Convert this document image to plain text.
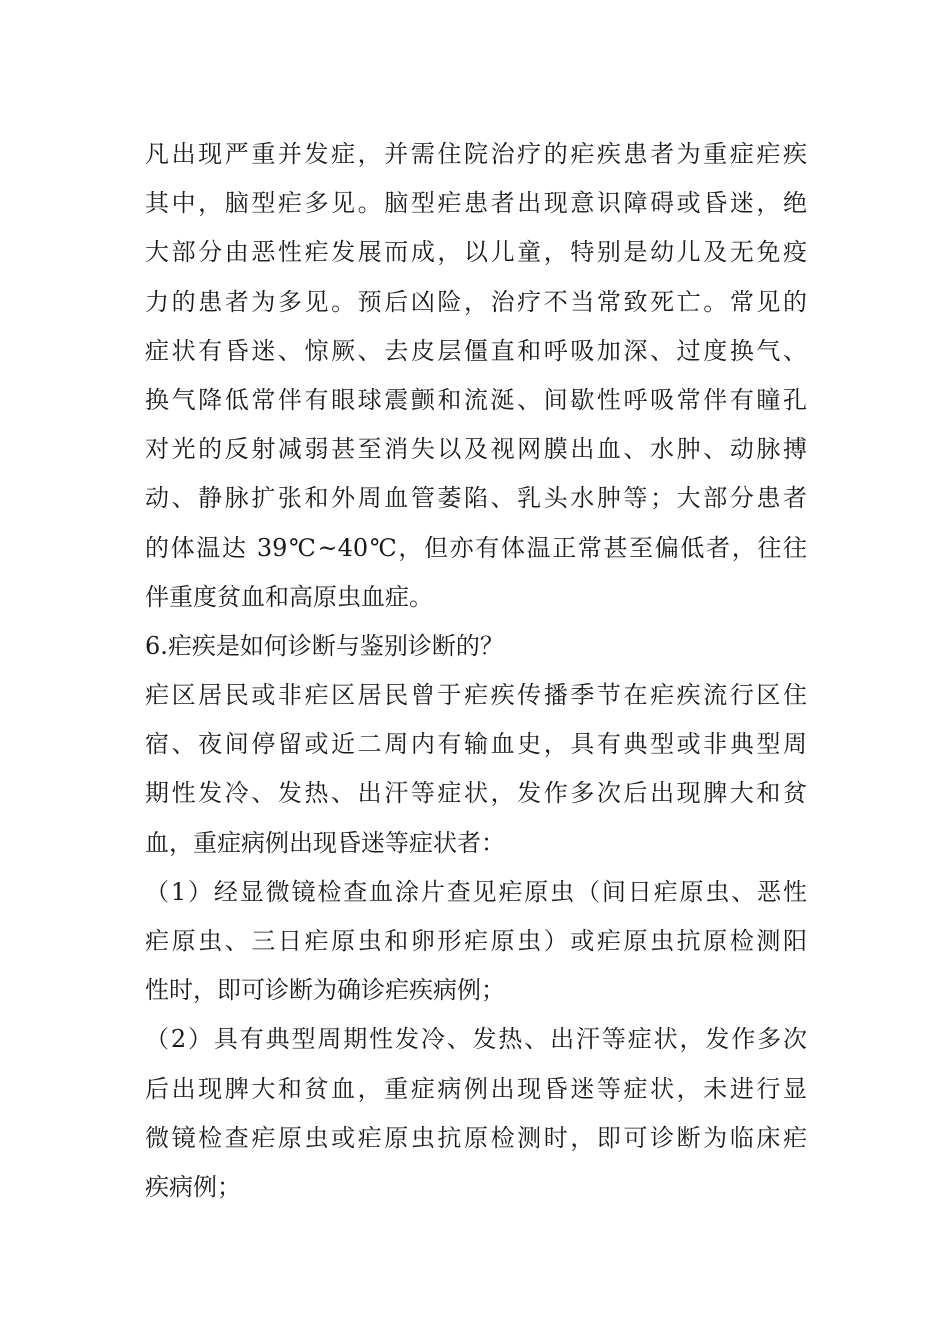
凡出现严重并发症，并需住院治疗的疟疾患者为重症疟疾
其中，脑型疟多见。脑型疟患者出现意识障碍或昏迷，绝
大部分由恶性疟发展而成，以儿童，特别是幼儿及无免疫
力的患者为多见。预后凶险，治疗不当常致死亡。常见的
症状有昏迷、惊厥、去皮层僵直和呼吸加深、过度换气、
换气降低常伴有眼球震颤和流涎、间歇性呼吸常伴有瞳孔
对光的反射减弱甚至消失以及视网膜出血、水肿、动脉搏
动、静脉扩张和外周血管萎陷、乳头水肿等；大部分患者
的体温达 39℃~40℃，但亦有体温正常甚至偏低者，往往
伴重度贫血和高原虫血症。
6.疟疾是如何诊断与鉴别诊断的？
疟区居民或非疟区居民曾于疟疾传播季节在疟疾流行区住
宿、夜间停留或近二周内有输血史，具有典型或非典型周
期性发冷、发热、出汗等症状，发作多次后出现脾大和贫
血，重症病例出现昏迷等症状者：
（1）经显微镜检查血涂片查见疟原虫（间日疟原虫、恶性
疟原虫、三日疟原虫和卵形疟原虫）或疟原虫抗原检测阳
性时，即可诊断为确诊疟疾病例；
（2）具有典型周期性发冷、发热、出汗等症状，发作多次
后出现脾大和贫血，重症病例出现昏迷等症状，未进行显
微镜检查疟原虫或疟原虫抗原检测时，即可诊断为临床疟
疾病例；
